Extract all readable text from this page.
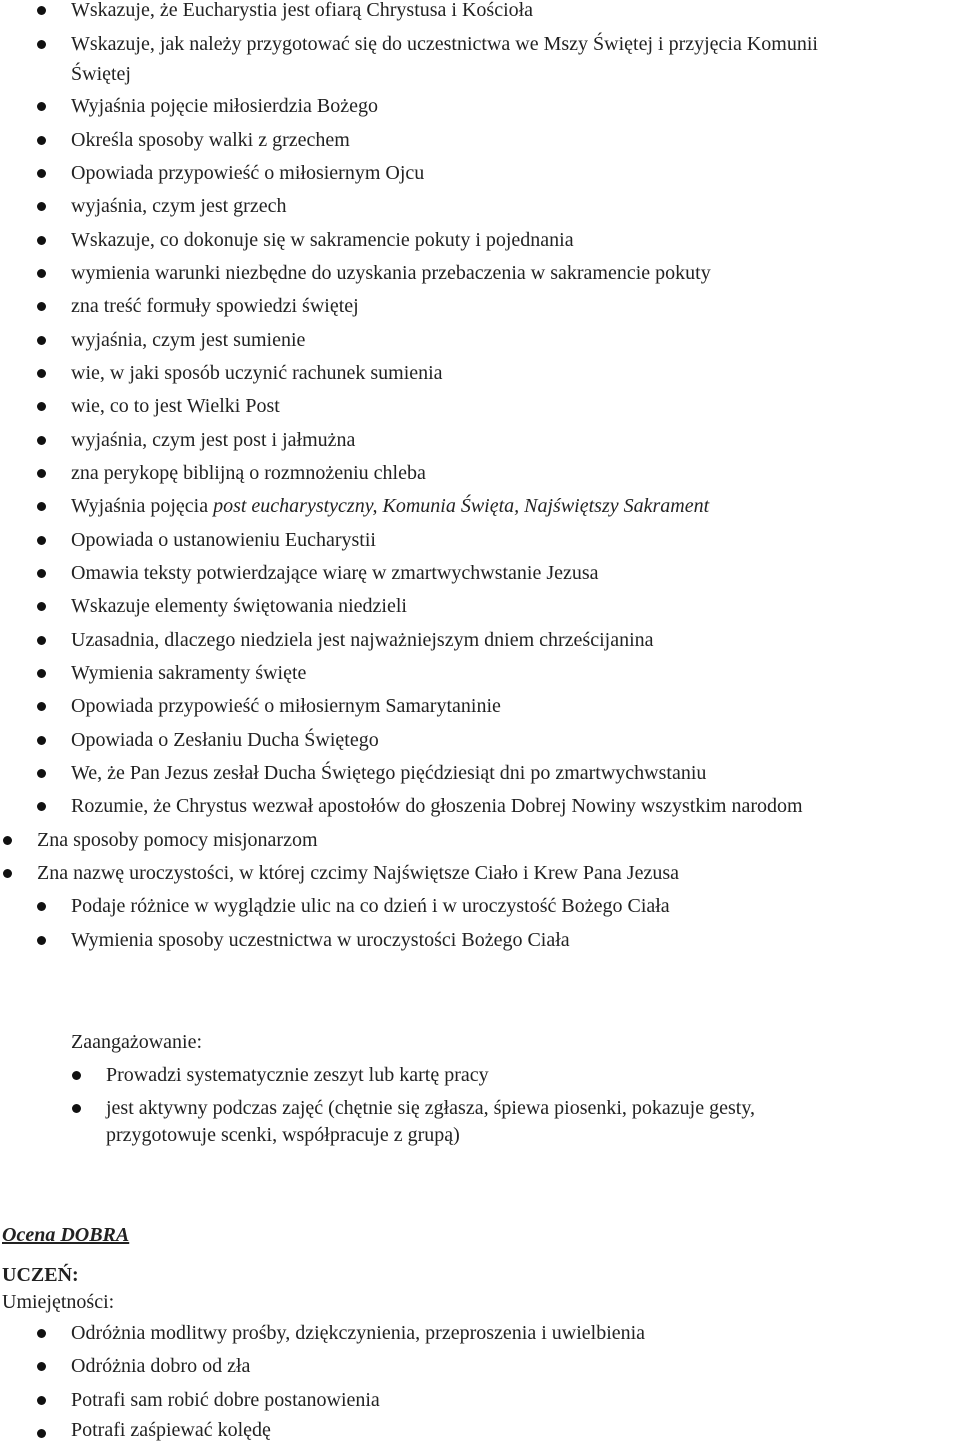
Wskazuje, że Eucharystia jest ofiarą Chrystusa i Kościoła
Wskazuje, jak należy przygotować się do uczestnictwa we Mszy Świętej i przyjęcia Komunii
Świętej
Wyjaśnia pojęcie miłosierdzia Bożego
Określa sposoby walki z grzechem
Opowiada przypowieść o miłosiernym Ojcu
wyjaśnia, czym jest grzech
Wskazuje, co dokonuje się w sakramencie pokuty i pojednania
wymienia warunki niezbędne do uzyskania przebaczenia w sakramencie pokuty
zna treść formuły spowiedzi świętej
wyjaśnia, czym jest sumienie
wie, w jaki sposób uczynić rachunek sumienia
wie, co to jest Wielki Post
wyjaśnia, czym jest post i jałmużna
zna perykopę biblijną o rozmnożeniu chleba
Wyjaśnia pojęcia post eucharystyczny, Komunia Święta, Najświętszy Sakrament
Opowiada o ustanowieniu Eucharystii
Omawia teksty potwierdzające wiarę w zmartwychwstanie Jezusa
Wskazuje elementy świętowania niedzieli
Uzasadnia, dlaczego niedziela jest najważniejszym dniem chrześcijanina
Wymienia sakramenty święte
Opowiada przypowieść o miłosiernym Samarytaninie
Opowiada o Zesłaniu Ducha Świętego
We, że Pan Jezus zesłał Ducha Świętego pięćdziesiąt dni po zmartwychwstaniu
Rozumie, że Chrystus wezwał apostołów do głoszenia Dobrej Nowiny wszystkim narodom
Zna sposoby pomocy misjonarzom
Zna nazwę uroczystości, w której czcimy Najświętsze Ciało i Krew Pana Jezusa
Podaje różnice w wyglądzie ulic na co dzień i w uroczystość Bożego Ciała
Wymienia sposoby uczestnictwa w uroczystości Bożego Ciała
Zaangażowanie:
Prowadzi systematycznie zeszyt lub kartę pracy
jest aktywny podczas zajęć (chętnie się zgłasza, śpiewa piosenki, pokazuje gesty,
przygotowuje scenki, współpracuje z grupą)
Ocena DOBRA
UCZEŃ:
Umiejętności:
Odróżnia modlitwy prośby, dziękczynienia, przeproszenia i uwielbienia
Odróżnia dobro od zła
Potrafi sam robić dobre postanowienia
Potrafi zaśpiewać kolędę
